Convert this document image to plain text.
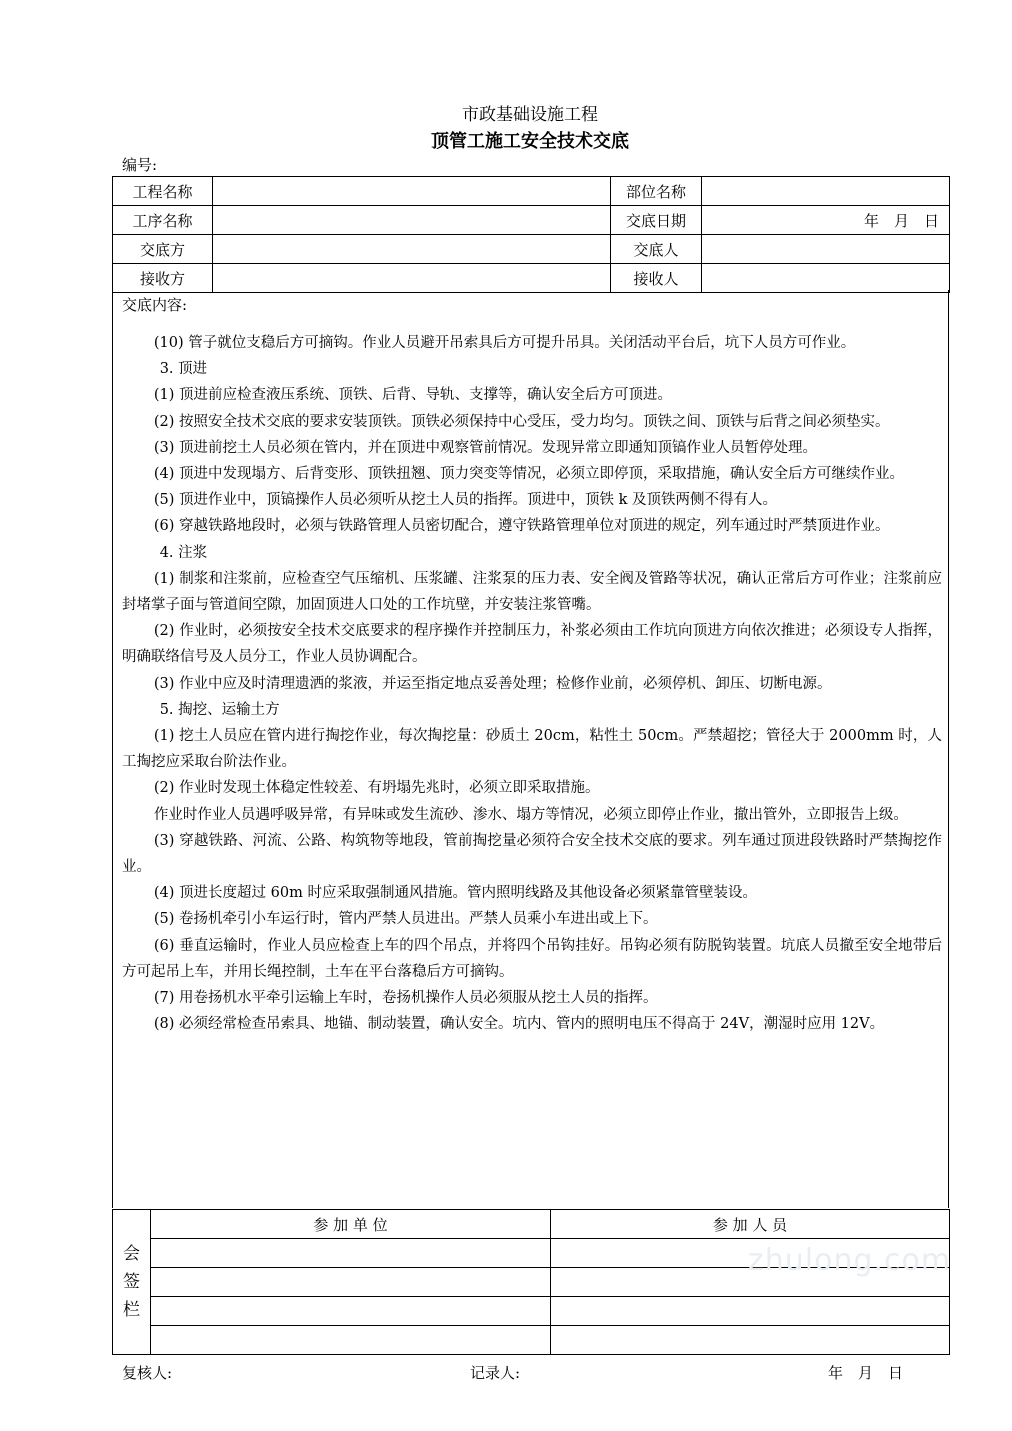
市政基础设施工程
顶管工施工安全技术交底
编号:
工程名称		部位名称	
工序名称		交底日期	年　月　日
交底方		交底人	
接收方		接收人	
交底内容:

(10) 管子就位支稳后方可摘钩。作业人员避开吊索具后方可提升吊具。关闭活动平台后，坑下人员方可作业。

3. 顶进

(1) 顶进前应检查液压系统、顶铁、后背、导轨、支撑等，确认安全后方可顶进。

(2) 按照安全技术交底的要求安装顶铁。顶铁必须保持中心受压，受力均匀。顶铁之间、顶铁与后背之间必须垫实。

(3) 顶进前挖土人员必须在管内，并在顶进中观察管前情况。发现异常立即通知顶镐作业人员暂停处理。

(4) 顶进中发现塌方、后背变形、顶铁扭翘、顶力突变等情况，必须立即停顶，采取措施，确认安全后方可继续作业。

(5) 顶进作业中，顶镐操作人员必须听从挖土人员的指挥。顶进中，顶铁 k 及顶铁两侧不得有人。

(6) 穿越铁路地段时，必须与铁路管理人员密切配合，遵守铁路管理单位对顶进的规定，列车通过时严禁顶进作业。

4. 注浆

(1) 制浆和注浆前，应检查空气压缩机、压浆罐、注浆泵的压力表、安全阀及管路等状况，确认正常后方可作业；注浆前应封堵掌子面与管道间空隙，加固顶进人口处的工作坑壁，并安装注浆管嘴。

(2) 作业时，必须按安全技术交底要求的程序操作并控制压力，补浆必须由工作坑向顶进方向依次推进；必须设专人指挥，明确联络信号及人员分工，作业人员协调配合。

(3) 作业中应及时清理遗洒的浆液，并运至指定地点妥善处理；检修作业前，必须停机、卸压、切断电源。

5. 掏挖、运输土方

(1) 挖土人员应在管内进行掏挖作业，每次掏挖量：砂质土 20cm，粘性土 50cm。严禁超挖；管径大于 2000mm 时，人工掏挖应采取台阶法作业。

(2) 作业时发现土体稳定性较差、有坍塌先兆时，必须立即采取措施。

作业时作业人员遇呼吸异常，有异味或发生流砂、渗水、塌方等情况，必须立即停止作业，撤出管外，立即报告上级。

(3) 穿越铁路、河流、公路、构筑物等地段，管前掏挖量必须符合安全技术交底的要求。列车通过顶进段铁路时严禁掏挖作业。

(4) 顶进长度超过 60m 时应采取强制通风措施。管内照明线路及其他设备必须紧靠管壁装设。

(5) 卷扬机牵引小车运行时，管内严禁人员进出。严禁人员乘小车进出或上下。

(6) 垂直运输时，作业人员应检查上车的四个吊点，并将四个吊钩挂好。吊钩必须有防脱钩装置。坑底人员撤至安全地带后方可起吊上车，并用长绳控制，土车在平台落稳后方可摘钩。

(7) 用卷扬机水平牵引运输上车时，卷扬机操作人员必须服从挖土人员的指挥。

(8) 必须经常检查吊索具、地锚、制动装置，确认安全。坑内、管内的照明电压不得高于 24V，潮湿时应用 12V。

会签栏	参 加 单 位	参 加 人 员

zhulong.com
复核人:	记录人:	年　月　日
